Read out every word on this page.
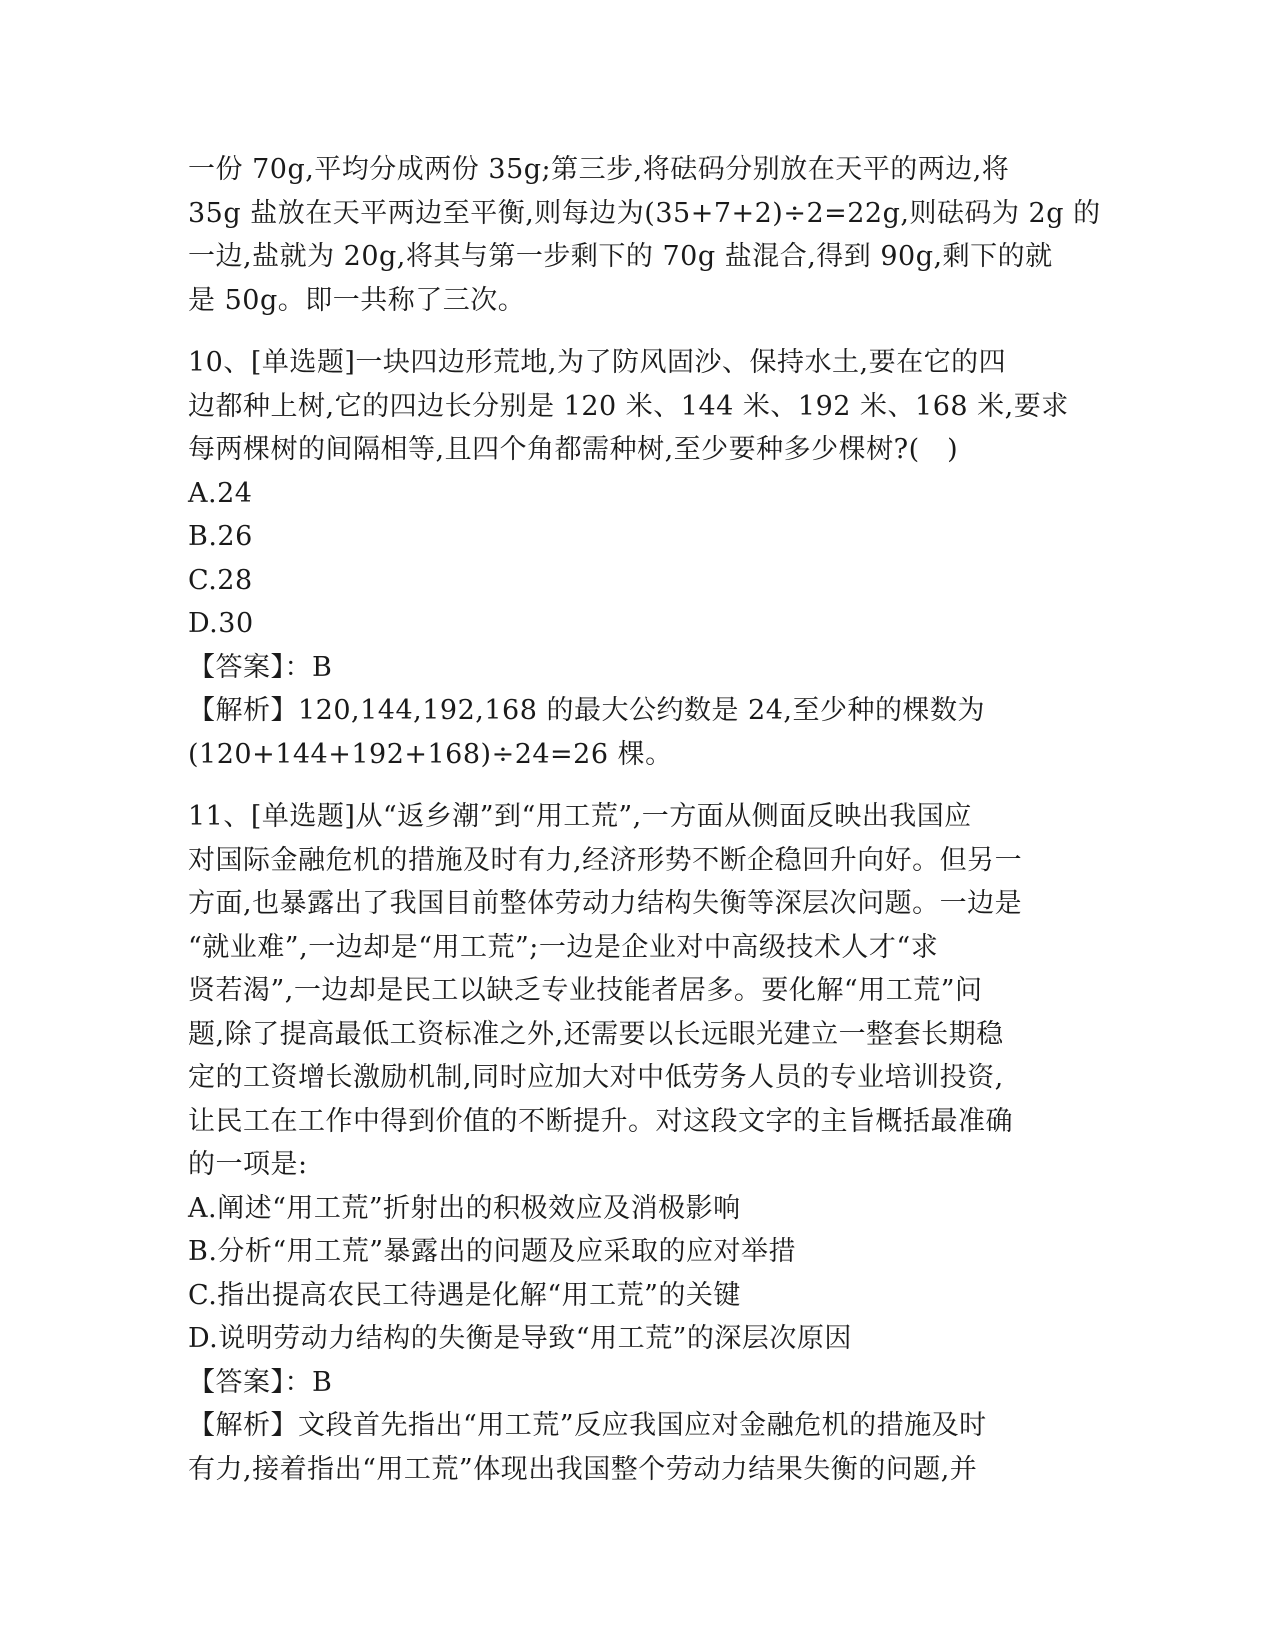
一份 70g,平均分成两份 35g;第三步,将砝码分别放在天平的两边,将
35g 盐放在天平两边至平衡,则每边为(35+7+2)÷2=22g,则砝码为 2g 的
一边,盐就为 20g,将其与第一步剩下的 70g 盐混合,得到 90g,剩下的就
是 50g。即一共称了三次。
10、[单选题]一块四边形荒地,为了防风固沙、保持水土,要在它的四
边都种上树,它的四边长分别是 120 米、144 米、192 米、168 米,要求
每两棵树的间隔相等,且四个角都需种树,至少要种多少棵树?(　)
A.24
B.26
C.28
D.30
【答案】：B
【解析】120,144,192,168 的最大公约数是 24,至少种的棵数为
(120+144+192+168)÷24=26 棵。
11、[单选题]从“返乡潮”到“用工荒”,一方面从侧面反映出我国应
对国际金融危机的措施及时有力,经济形势不断企稳回升向好。但另一
方面,也暴露出了我国目前整体劳动力结构失衡等深层次问题。一边是
“就业难”,一边却是“用工荒”;一边是企业对中高级技术人才“求
贤若渴”,一边却是民工以缺乏专业技能者居多。要化解“用工荒”问
题,除了提高最低工资标准之外,还需要以长远眼光建立一整套长期稳
定的工资增长激励机制,同时应加大对中低劳务人员的专业培训投资,
让民工在工作中得到价值的不断提升。对这段文字的主旨概括最准确
的一项是:
A.阐述“用工荒”折射出的积极效应及消极影响
B.分析“用工荒”暴露出的问题及应采取的应对举措
C.指出提高农民工待遇是化解“用工荒”的关键
D.说明劳动力结构的失衡是导致“用工荒”的深层次原因
【答案】：B
【解析】文段首先指出“用工荒”反应我国应对金融危机的措施及时
有力,接着指出“用工荒”体现出我国整个劳动力结果失衡的问题,并
